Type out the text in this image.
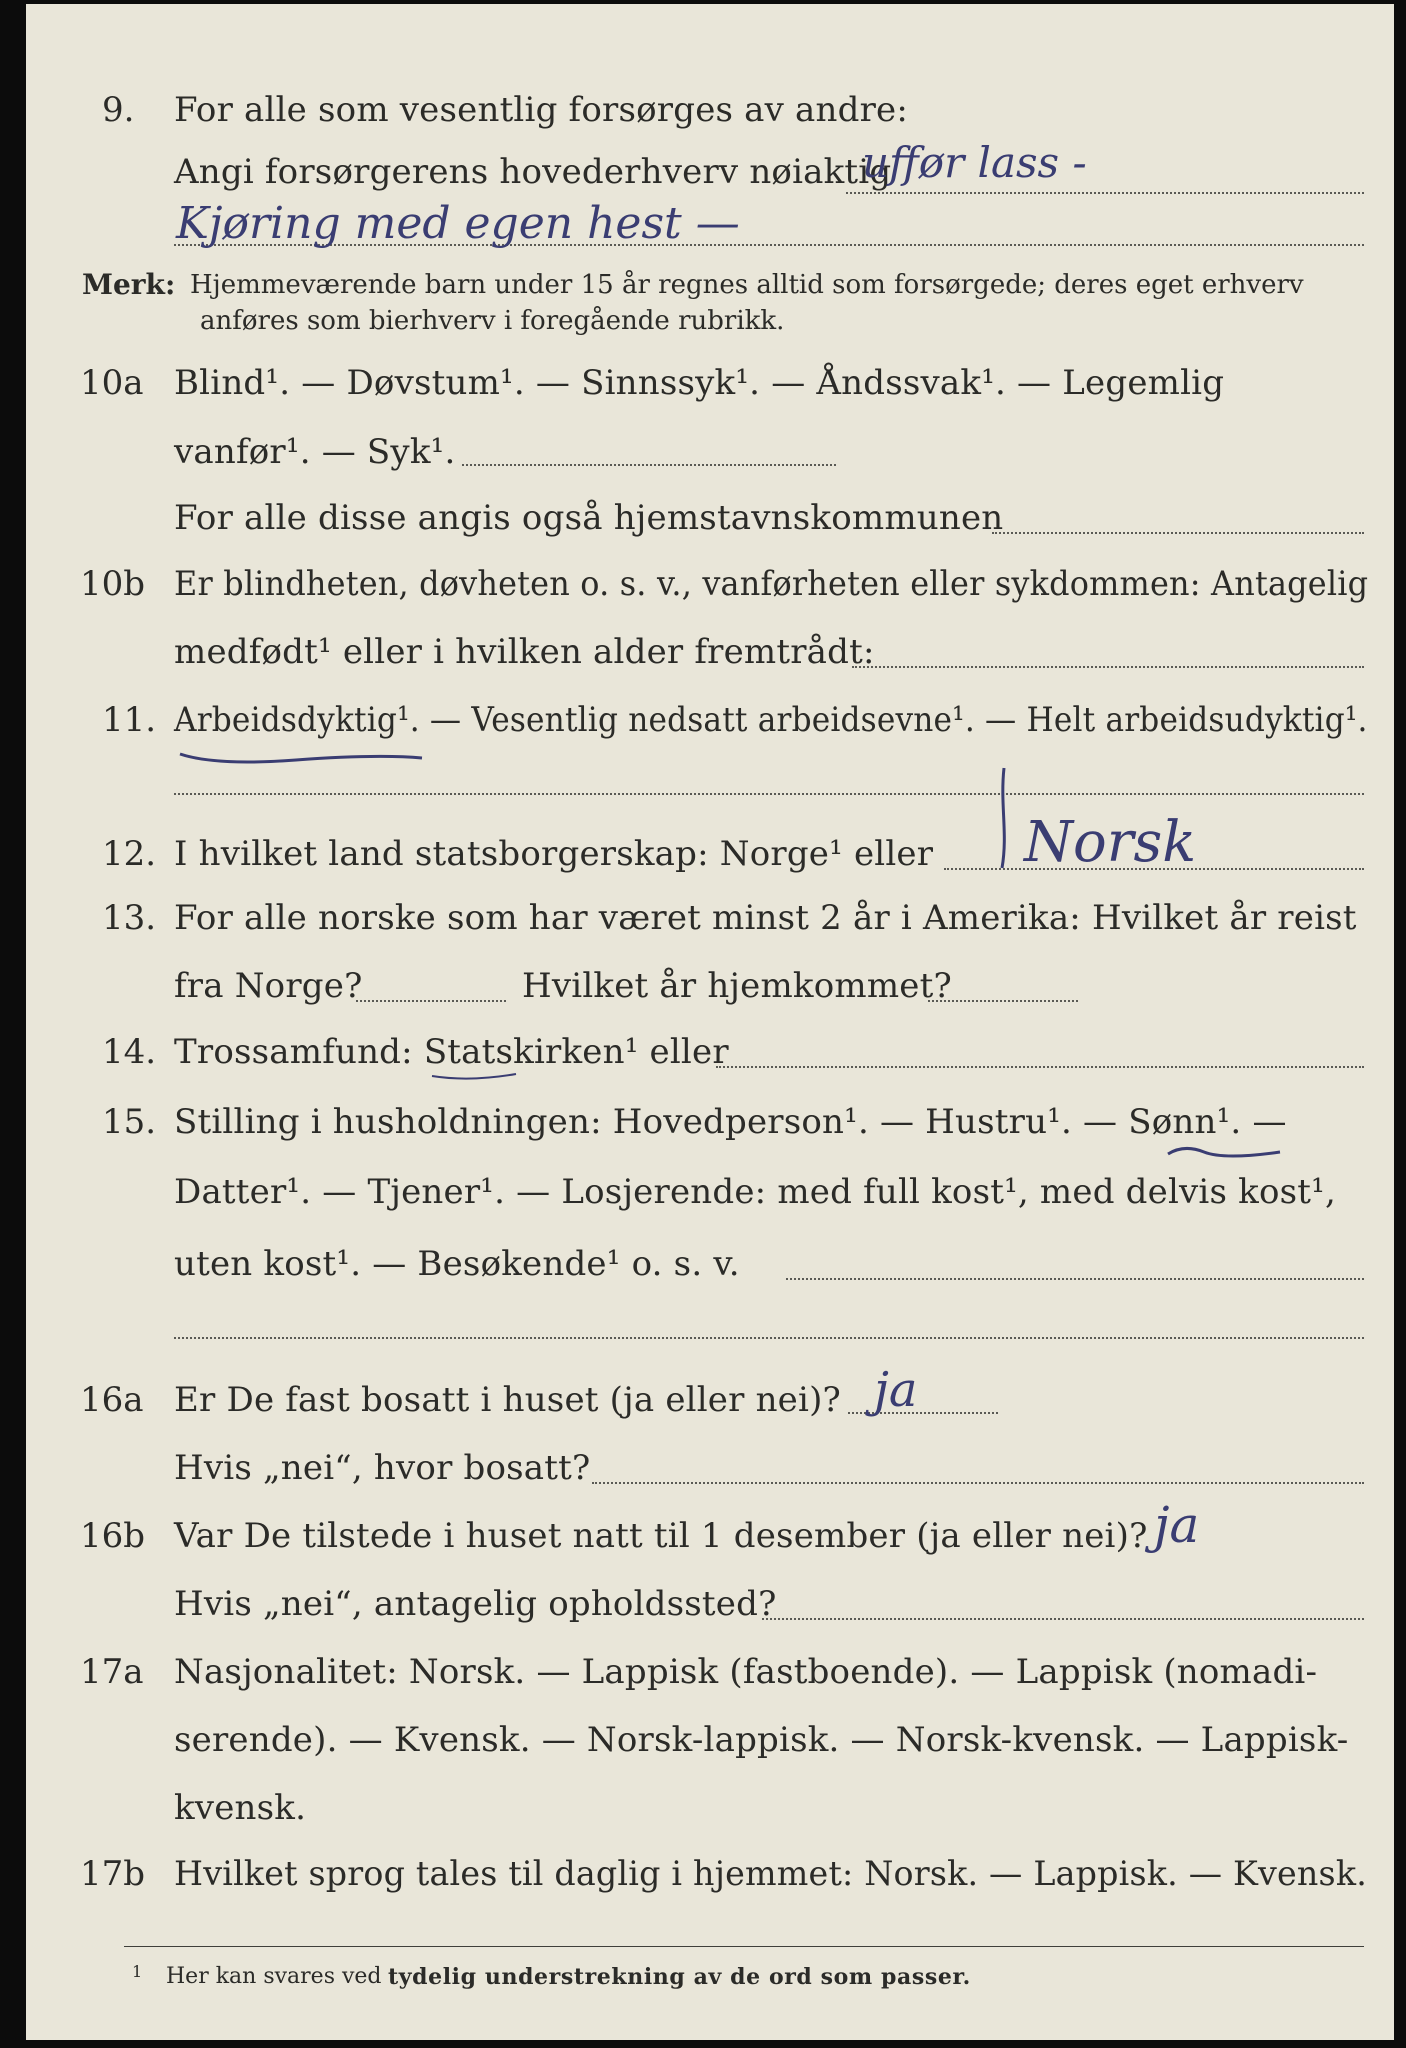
9. For alle som vesentlig forsørges av andre:
Angi forsørgerens hovederhverv nøiaktig
uffør lass -
Kjøring med egen hest —
Merk: Hjemmeværende barn under 15 år regnes alltid som forsørgede; deres eget erhverv
anføres som bierhverv i foregående rubrikk.
10a Blind¹. — Døvstum¹. — Sinnssyk¹. — Åndssvak¹. — Legemlig
vanfør¹. — Syk¹.
For alle disse angis også hjemstavnskommunen
10b Er blindheten, døvheten o. s. v., vanførheten eller sykdommen: Antagelig
medfødt¹ eller i hvilken alder fremtrådt:
11. Arbeidsdyktig¹. — Vesentlig nedsatt arbeidsevne¹. — Helt arbeidsudyktig¹.
12. I hvilket land statsborgerskap: Norge¹ eller Norsk
13. For alle norske som har været minst 2 år i Amerika: Hvilket år reist
fra Norge?	Hvilket år hjemkommet?
14. Trossamfund: Statskirken¹ eller
15. Stilling i husholdningen: Hovedperson¹. — Hustru¹. — Sønn¹. —
Datter¹. — Tjener¹. — Losjerende: med full kost¹, med delvis kost¹,
uten kost¹. — Besøkende¹ o. s. v.
16a Er De fast bosatt i huset (ja eller nei)? ja
Hvis „nei“, hvor bosatt?
16b Var De tilstede i huset natt til 1 desember (ja eller nei)? ja
Hvis „nei“, antagelig opholdssted?
17a Nasjonalitet: Norsk. — Lappisk (fastboende). — Lappisk (nomadi-
serende). — Kvensk. — Norsk-lappisk. — Norsk-kvensk. — Lappisk-
kvensk.
17b Hvilket sprog tales til daglig i hjemmet: Norsk. — Lappisk. — Kvensk.
1 Her kan svares ved tydelig understrekning av de ord som passer.
